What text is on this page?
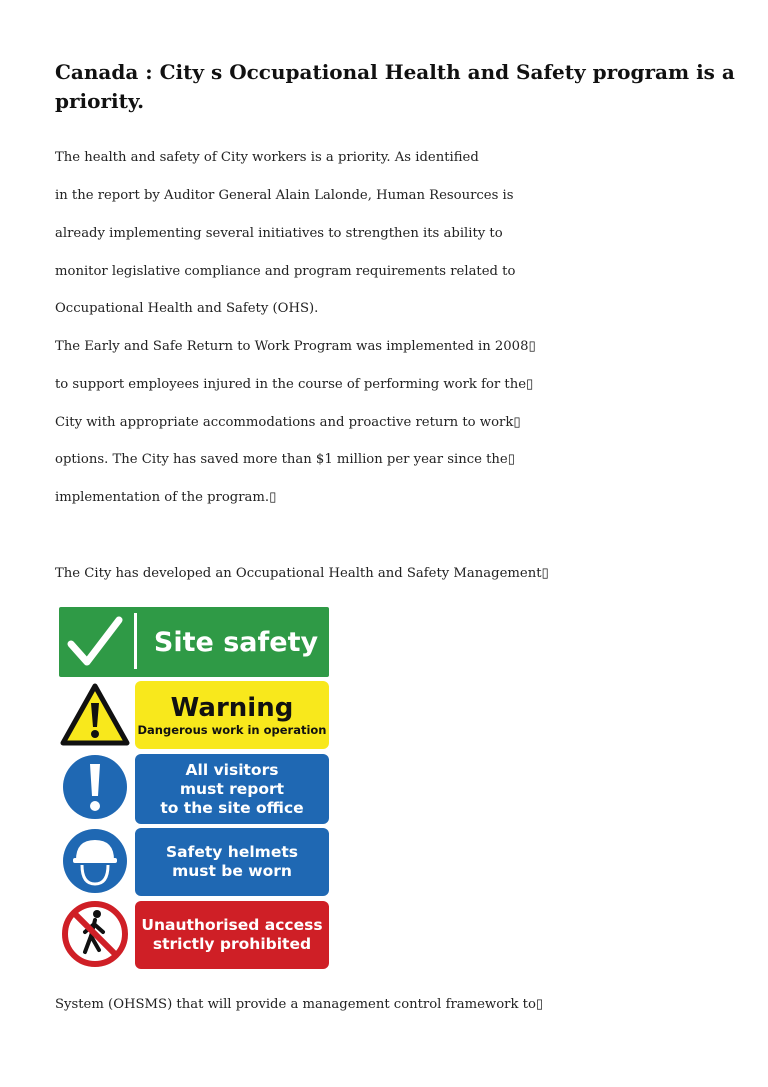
Canada : City s Occupational Health and Safety program is a priority.

The health and safety of City workers is a priority. As identified

in the report by Auditor General Alain Lalonde, Human Resources is

already implementing several initiatives to strengthen its ability to

monitor legislative compliance and program requirements related to

Occupational Health and Safety (OHS).

The Early and Safe Return to Work Program was implemented in 2008▯

to support employees injured in the course of performing work for the▯

City with appropriate accommodations and proactive return to work▯

options. The City has saved more than $1 million per year since the▯

implementation of the program.▯

The City has developed an Occupational Health and Safety Management▯

Site safety
Warning
Dangerous work in operation
All visitors
must report
to the site office
Safety helmets
must be worn
Unauthorised access
strictly prohibited

System (OHSMS) that will provide a management control framework to▯
